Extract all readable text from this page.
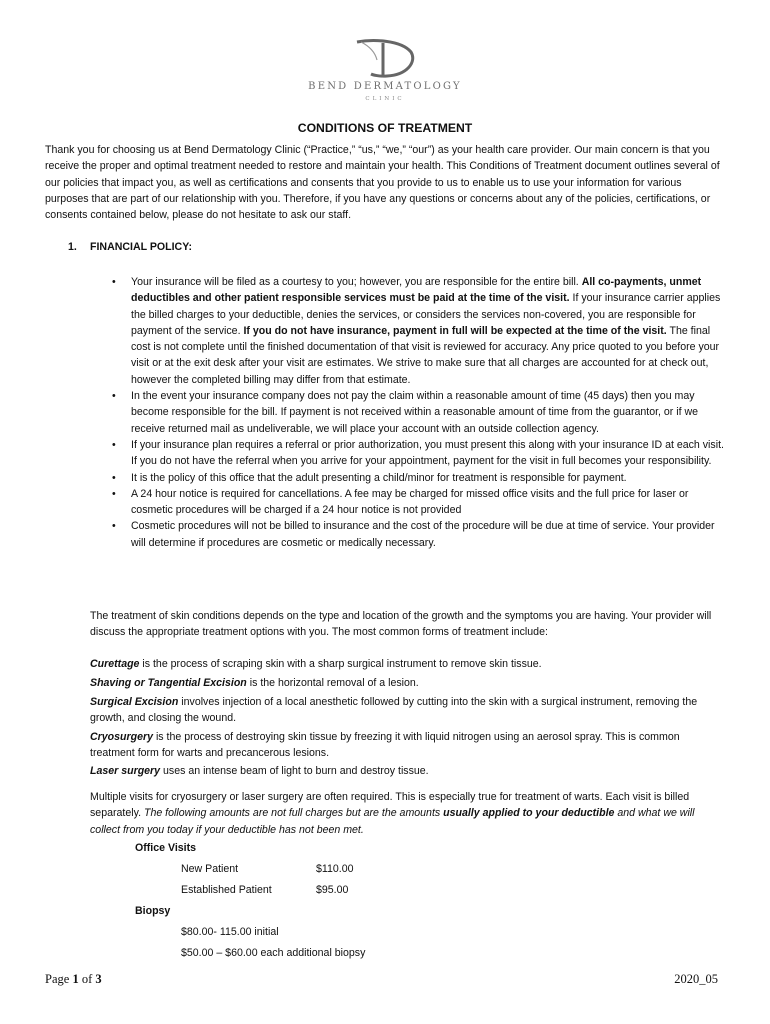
BEND DERMATOLOGY
CLINIC
CONDITIONS OF TREATMENT
Thank you for choosing us at Bend Dermatology Clinic (“Practice,” “us,” “we,” “our”) as your health care provider. Our main concern is that you receive the proper and optimal treatment needed to restore and maintain your health. This Conditions of Treatment document outlines several of our policies that impact you, as well as certifications and consents that you provide to us to enable us to use your information for various purposes that are part of our relationship with you. Therefore, if you have any questions or concerns about any of the policies, certifications, or consents contained below, please do not hesitate to ask our staff.
1. FINANCIAL POLICY:
• Your insurance will be filed as a courtesy to you; however, you are responsible for the entire bill. All co-payments, unmet deductibles and other patient responsible services must be paid at the time of the visit. If your insurance carrier applies the billed charges to your deductible, denies the services, or considers the services non-covered, you are responsible for payment of the service. If you do not have insurance, payment in full will be expected at the time of the visit. The final cost is not complete until the finished documentation of that visit is reviewed for accuracy. Any price quoted to you before your visit or at the exit desk after your visit are estimates. We strive to make sure that all charges are accounted for at check out, however the completed billing may differ from that estimate.
• In the event your insurance company does not pay the claim within a reasonable amount of time (45 days) then you may become responsible for the bill. If payment is not received within a reasonable amount of time from the guarantor, or if we receive returned mail as undeliverable, we will place your account with an outside collection agency.
• If your insurance plan requires a referral or prior authorization, you must present this along with your insurance ID at each visit. If you do not have the referral when you arrive for your appointment, payment for the visit in full becomes your responsibility.
• It is the policy of this office that the adult presenting a child/minor for treatment is responsible for payment.
• A 24 hour notice is required for cancellations. A fee may be charged for missed office visits and the full price for laser or cosmetic procedures will be charged if a 24 hour notice is not provided
• Cosmetic procedures will not be billed to insurance and the cost of the procedure will be due at time of service. Your provider will determine if procedures are cosmetic or medically necessary.
The treatment of skin conditions depends on the type and location of the growth and the symptoms you are having. Your provider will discuss the appropriate treatment options with you. The most common forms of treatment include:

Curettage is the process of scraping skin with a sharp surgical instrument to remove skin tissue.

Shaving or Tangential Excision is the horizontal removal of a lesion.

Surgical Excision involves injection of a local anesthetic followed by cutting into the skin with a surgical instrument, removing the growth, and closing the wound.

Cryosurgery is the process of destroying skin tissue by freezing it with liquid nitrogen using an aerosol spray. This is common treatment form for warts and precancerous lesions.

Laser surgery uses an intense beam of light to burn and destroy tissue.

Multiple visits for cryosurgery or laser surgery are often required. This is especially true for treatment of warts. Each visit is billed separately. The following amounts are not full charges but are the amounts usually applied to your deductible and what we will collect from you today if your deductible has not been met.
Office Visits
New Patient	$110.00
Established Patient	$95.00
Biopsy
$80.00- 115.00 initial
$50.00 – $60.00 each additional biopsy
Page 1 of 3	2020_05
